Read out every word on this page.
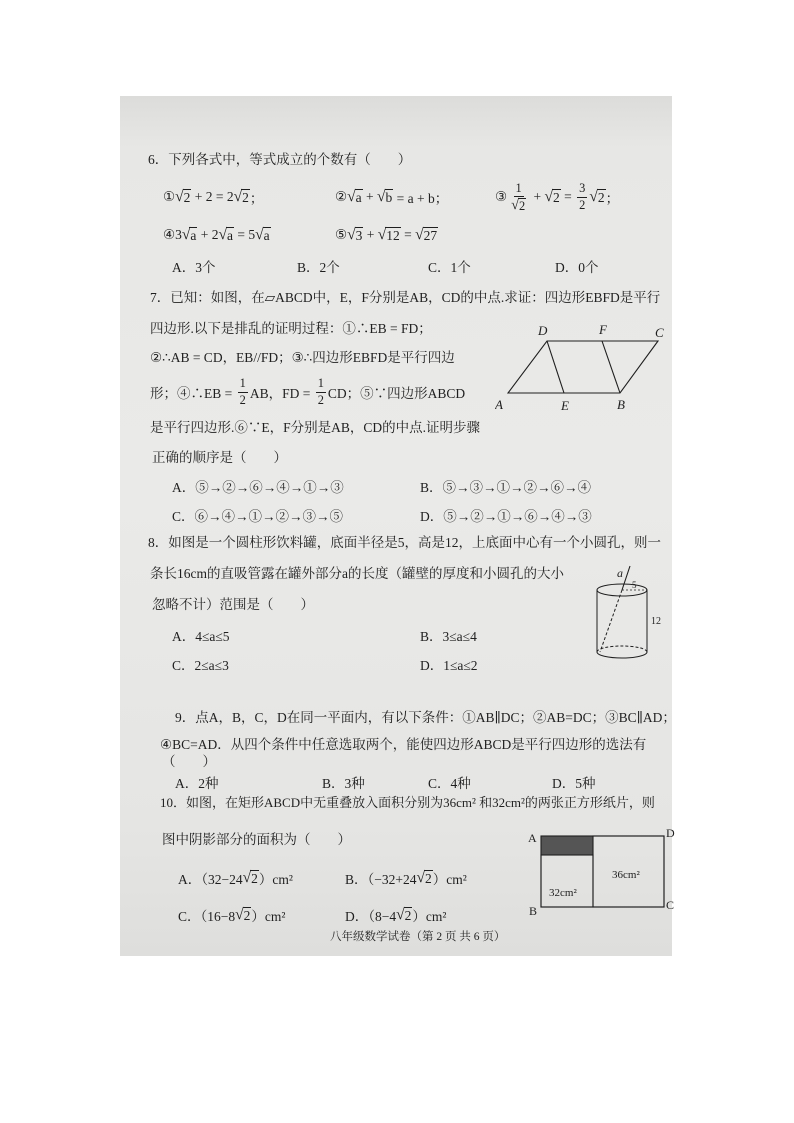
6．下列各式中，等式成立的个数有（　　）
① √ 2 + 2 = 2 √ 2 ；	② √ a + √ b = a + b；	③ $\frac{1}{√ 2}$ + √ $2 = \frac{3}{2}$ √ 2 ；
④3 √ a + 2 √ a = 5 √ a	⑤ √ 3 + √ 12 = √ 27
A．3个	B．2个	C．1个	D．0个
7．已知：如图，在▱ABCD中，E，F分别是AB，CD的中点.求证：四边形EBFD是平行
四边形.以下是排乱的证明过程：①∴EB = FD；
②∴AB = CD，EB//FD；③∴四边形EBFD是平行四边
形；④∴EB = $\frac{1}{2}$ AB，FD = $\frac{1}{2}$ CD；⑤∵四边形ABCD
是平行四边形.⑥∵E，F分别是AB，CD的中点.证明步骤
正确的顺序是（　　）
A．⑤→②→⑥→④→①→③	B．⑤→③→①→②→⑥→④
C．⑥→④→①→②→③→⑤	D．⑤→②→①→⑥→④→③
D	F	C
A	E	B
8．如图是一个圆柱形饮料罐，底面半径是5，高是12，上底面中心有一个小圆孔，则一
条长16cm的直吸管露在罐外部分a的长度（罐壁的厚度和小圆孔的大小
忽略不计）范围是（　　）
A．4≤a≤5	B．3≤a≤4
C．2≤a≤3	D．1≤a≤2
a
5
12
9．点A，B，C，D在同一平面内，有以下条件：①AB∥DC；②AB=DC；③BC∥AD；
④BC=AD．从四个条件中任意选取两个，能使四边形ABCD是平行四边形的选法有
（　　）
A．2种	B．3种	C．4种	D．5种
10．如图，在矩形ABCD中无重叠放入面积分别为36cm² 和32cm²的两张正方形纸片，则
图中阴影部分的面积为（　　）
A．（32−24 √ 2 ）cm²	B．（−32+24 √ 2 ）cm²
C．（16−8 √ 2 ）cm²	D．（8−4 √ 2 ）cm²
A	D
B	C
36cm²
32cm²
八年级数学试卷（第 2 页 共 6 页）
